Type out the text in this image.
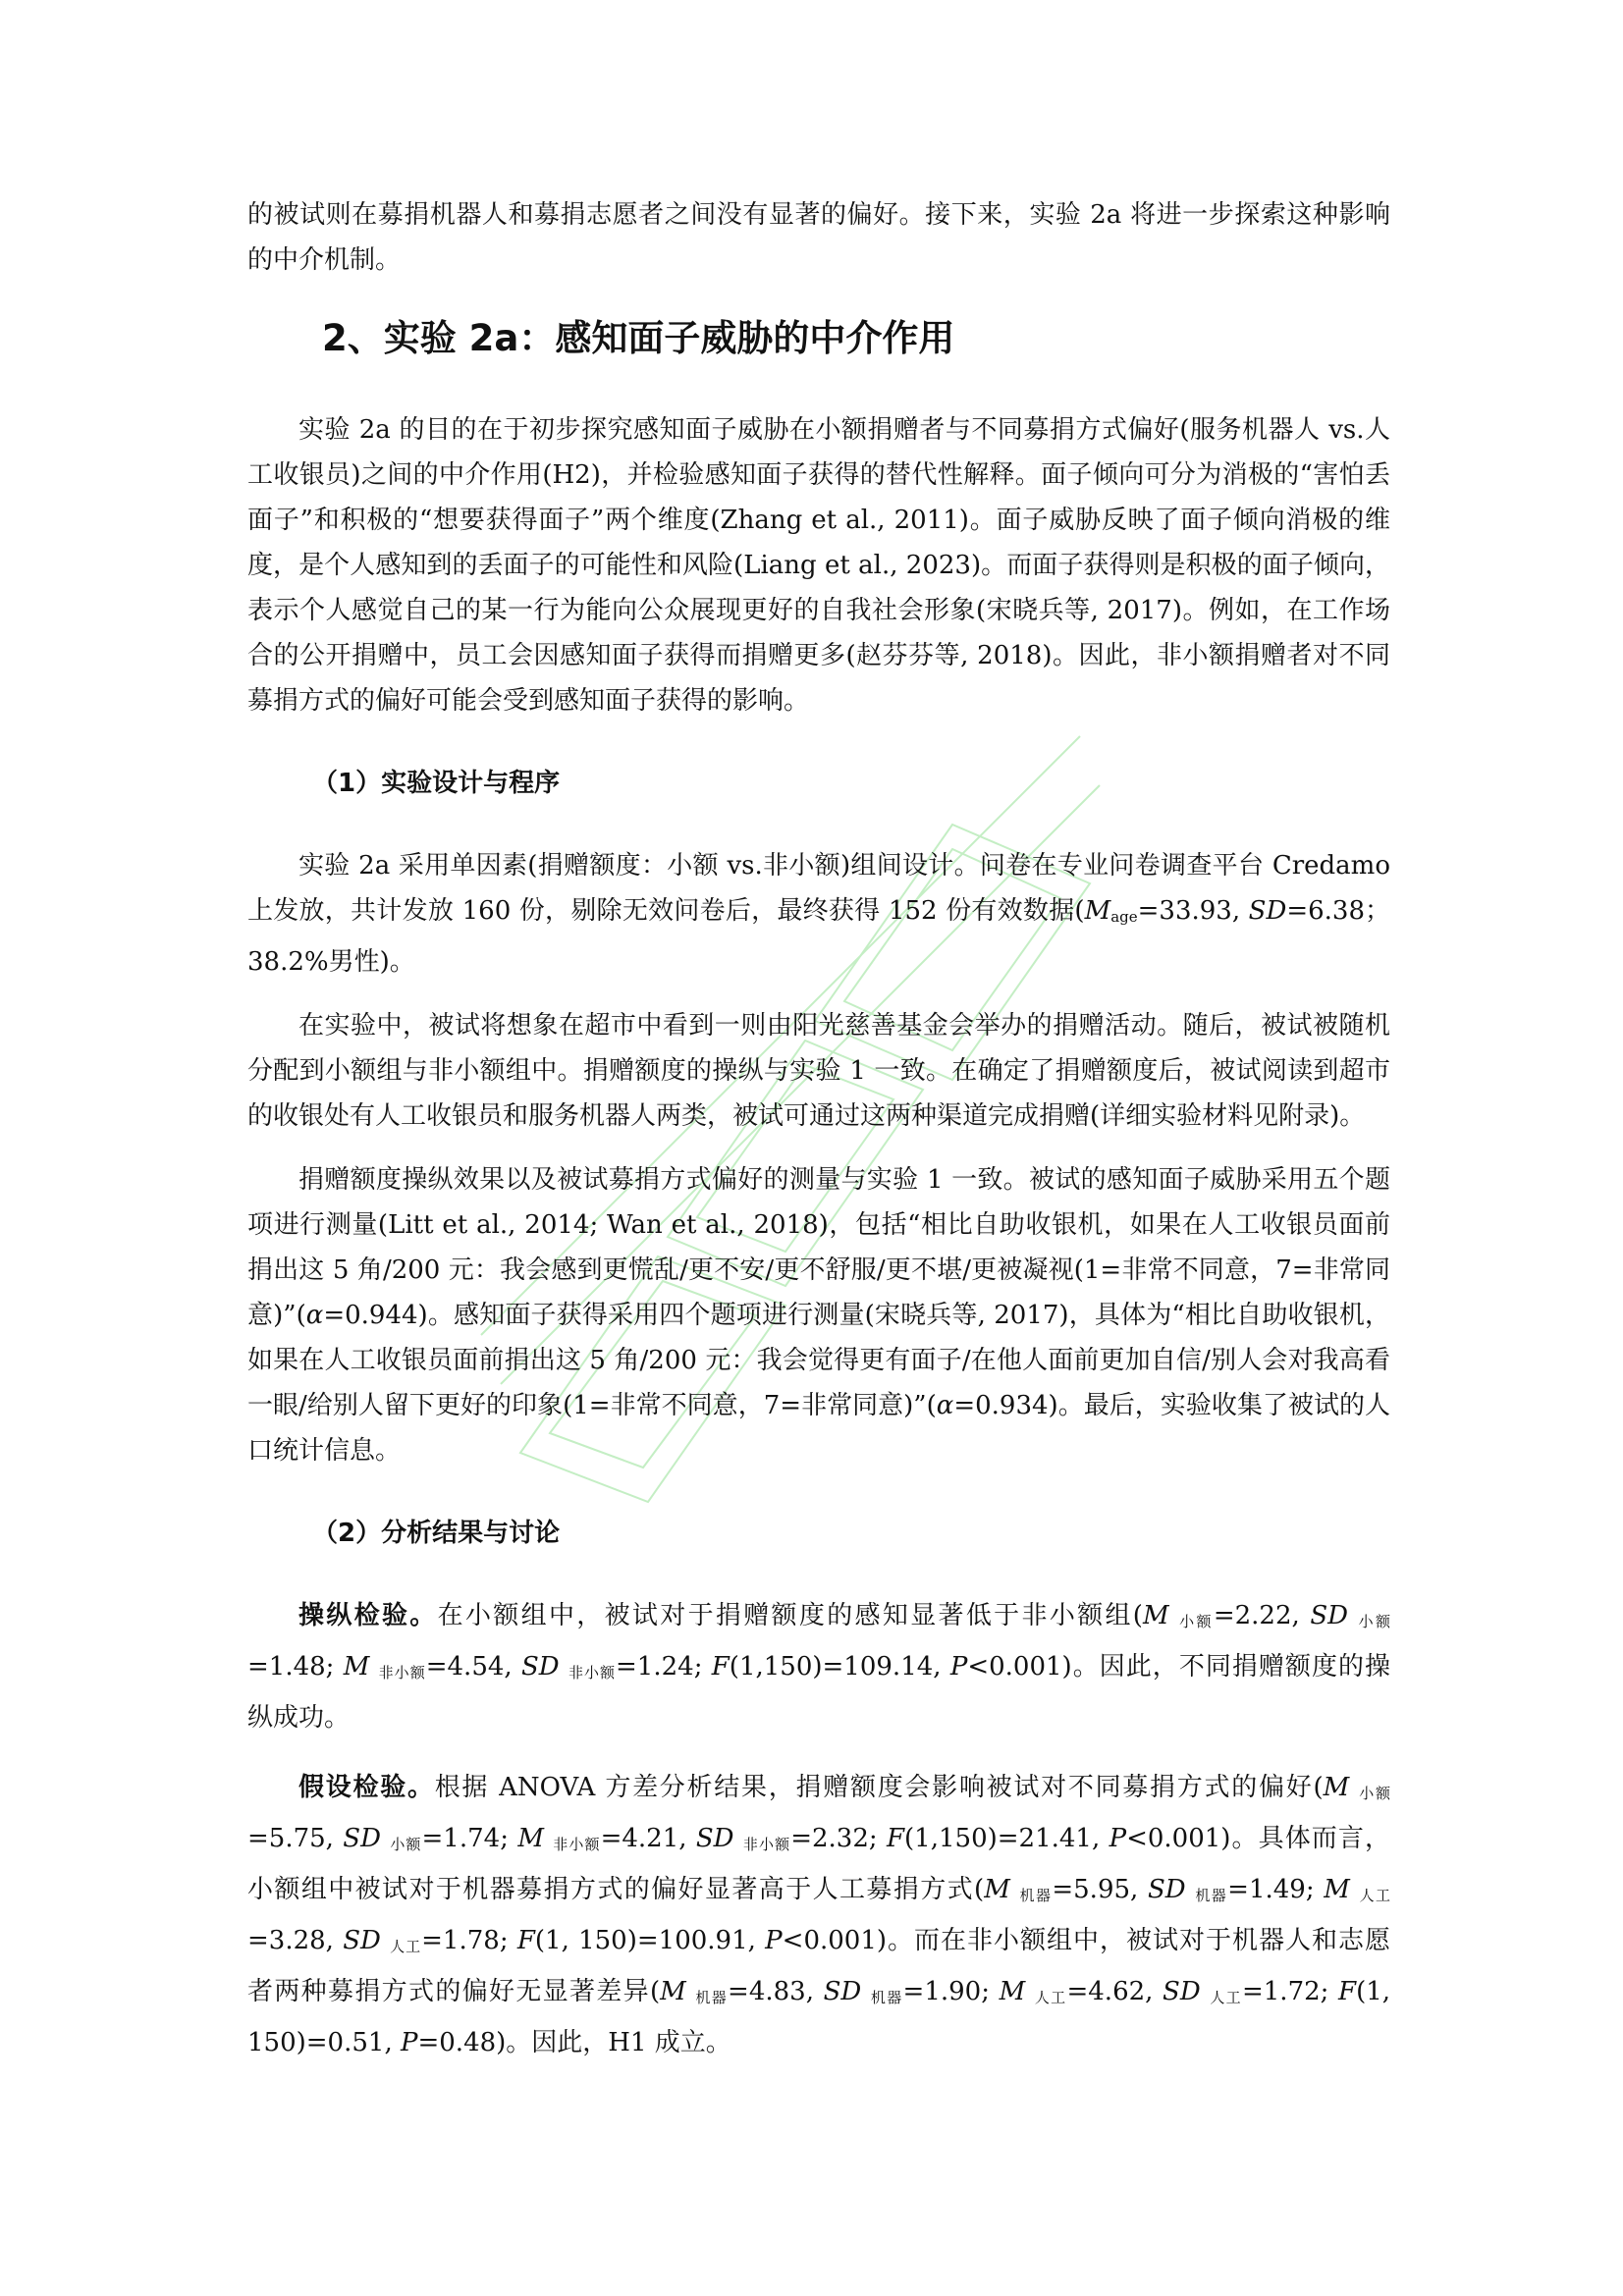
的被试则在募捐机器人和募捐志愿者之间没有显著的偏好。接下来，实验 2a 将进一步探索这种影响的中介机制。

2、实验 2a：感知面子威胁的中介作用

实验 2a 的目的在于初步探究感知面子威胁在小额捐赠者与不同募捐方式偏好(服务机器人 vs.人工收银员)之间的中介作用(H2)，并检验感知面子获得的替代性解释。面子倾向可分为消极的“害怕丢面子”和积极的“想要获得面子”两个维度(Zhang et al., 2011)。面子威胁反映了面子倾向消极的维度，是个人感知到的丢面子的可能性和风险(Liang et al., 2023)。而面子获得则是积极的面子倾向，表示个人感觉自己的某一行为能向公众展现更好的自我社会形象(宋晓兵等, 2017)。例如，在工作场合的公开捐赠中，员工会因感知面子获得而捐赠更多(赵芬芬等, 2018)。因此，非小额捐赠者对不同募捐方式的偏好可能会受到感知面子获得的影响。

（1）实验设计与程序

实验 2a 采用单因素(捐赠额度：小额 vs.非小额)组间设计。问卷在专业问卷调查平台 Credamo 上发放，共计发放 160 份，剔除无效问卷后，最终获得 152 份有效数据($M_{age}=33.93$, SD=6.38；38.2%男性)。

在实验中，被试将想象在超市中看到一则由阳光慈善基金会举办的捐赠活动。随后，被试被随机分配到小额组与非小额组中。捐赠额度的操纵与实验 1 一致。在确定了捐赠额度后，被试阅读到超市的收银处有人工收银员和服务机器人两类，被试可通过这两种渠道完成捐赠(详细实验材料见附录)。

捐赠额度操纵效果以及被试募捐方式偏好的测量与实验 1 一致。被试的感知面子威胁采用五个题项进行测量(Litt et al., 2014; Wan et al., 2018)，包括“相比自助收银机，如果在人工收银员面前捐出这 5 角/200 元：我会感到更慌乱/更不安/更不舒服/更不堪/更被凝视(1=非常不同意，7=非常同意)”(α=0.944)。感知面子获得采用四个题项进行测量(宋晓兵等, 2017)，具体为“相比自助收银机，如果在人工收银员面前捐出这 5 角/200 元：我会觉得更有面子/在他人面前更加自信/别人会对我高看一眼/给别人留下更好的印象(1=非常不同意，7=非常同意)”(α=0.934)。最后，实验收集了被试的人口统计信息。

（2）分析结果与讨论

操纵检验。在小额组中，被试对于捐赠额度的感知显著低于非小额组(M $_{小额}$=2.22, SD $_{小额}$=1.48; M $_{非小额}$=4.54, SD $_{非小额}$=1.24; F(1,150)=109.14, P<0.001)。因此，不同捐赠额度的操纵成功。

假设检验。根据 ANOVA 方差分析结果，捐赠额度会影响被试对不同募捐方式的偏好(M $_{小额}$=5.75, SD $_{小额}$=1.74; M $_{非小额}$=4.21, SD $_{非小额}$=2.32; F(1,150)=21.41, P<0.001)。具体而言，小额组中被试对于机器募捐方式的偏好显著高于人工募捐方式(M $_{机器}$=5.95, SD $_{机器}$=1.49; M $_{人工}$=3.28, SD $_{人工}$=1.78; F(1, 150)=100.91, P<0.001)。而在非小额组中，被试对于机器人和志愿者两种募捐方式的偏好无显著差异(M $_{机器}$=4.83, SD $_{机器}$=1.90; M $_{人工}$=4.62, SD $_{人工}$=1.72; F(1, 150)=0.51, P=0.48)。因此，H1 成立。
